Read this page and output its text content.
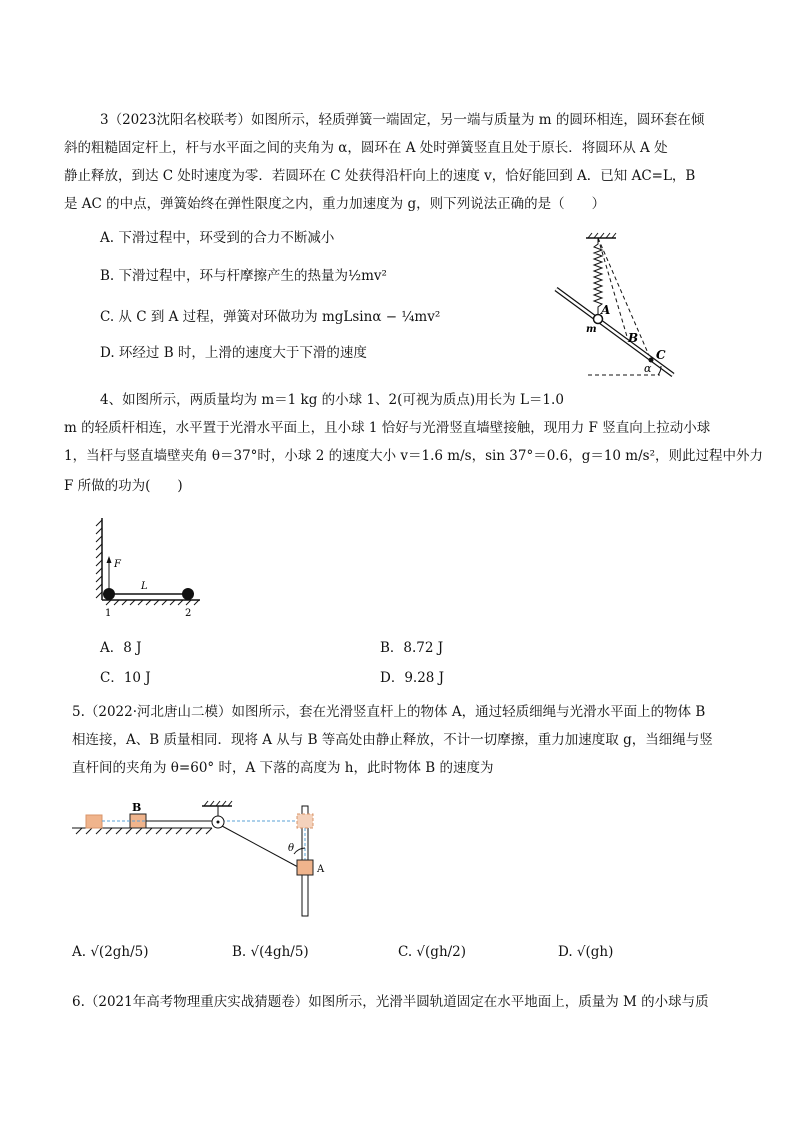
3（2023沈阳名校联考）如图所示，轻质弹簧一端固定，另一端与质量为 m 的圆环相连，圆环套在倾
斜的粗糙固定杆上，杆与水平面之间的夹角为 α，圆环在 A 处时弹簧竖直且处于原长．将圆环从 A 处
静止释放，到达 C 处时速度为零．若圆环在 C 处获得沿杆向上的速度 v，恰好能回到 A．已知 AC=L，B
是 AC 的中点，弹簧始终在弹性限度之内，重力加速度为 g，则下列说法正确的是（　　）
A. 下滑过程中，环受到的合力不断减小
B. 下滑过程中，环与杆摩擦产生的热量为½mv²
C. 从 C 到 A 过程，弹簧对环做功为 mgLsinα − ¼mv²
D. 环经过 B 时，上滑的速度大于下滑的速度
A
m
B
C
α
4、如图所示，两质量均为 m＝1 kg 的小球 1、2(可视为质点)用长为 L＝1.0
m 的轻质杆相连，水平置于光滑水平面上，且小球 1 恰好与光滑竖直墙壁接触，现用力 F 竖直向上拉动小球
1，当杆与竖直墙壁夹角 θ＝37°时，小球 2 的速度大小 v＝1.6 m/s，sin 37°＝0.6，g＝10 m/s²，则此过程中外力
F 所做的功为(　　)
F
L
1	2
A．8 J	B．8.72 J
C．10 J	D．9.28 J
5.（2022·河北唐山二模）如图所示，套在光滑竖直杆上的物体 A，通过轻质细绳与光滑水平面上的物体 B
相连接，A、B 质量相同．现将 A 从与 B 等高处由静止释放，不计一切摩擦，重力加速度取 g，当细绳与竖
直杆间的夹角为 θ=60° 时，A 下落的高度为 h，此时物体 B 的速度为
B
A
θ
A. √(2gh/5)	B. √(4gh/5)	C. √(gh/2)	D. √(gh)
6.（2021年高考物理重庆实战猜题卷）如图所示，光滑半圆轨道固定在水平地面上，质量为 M 的小球与质
